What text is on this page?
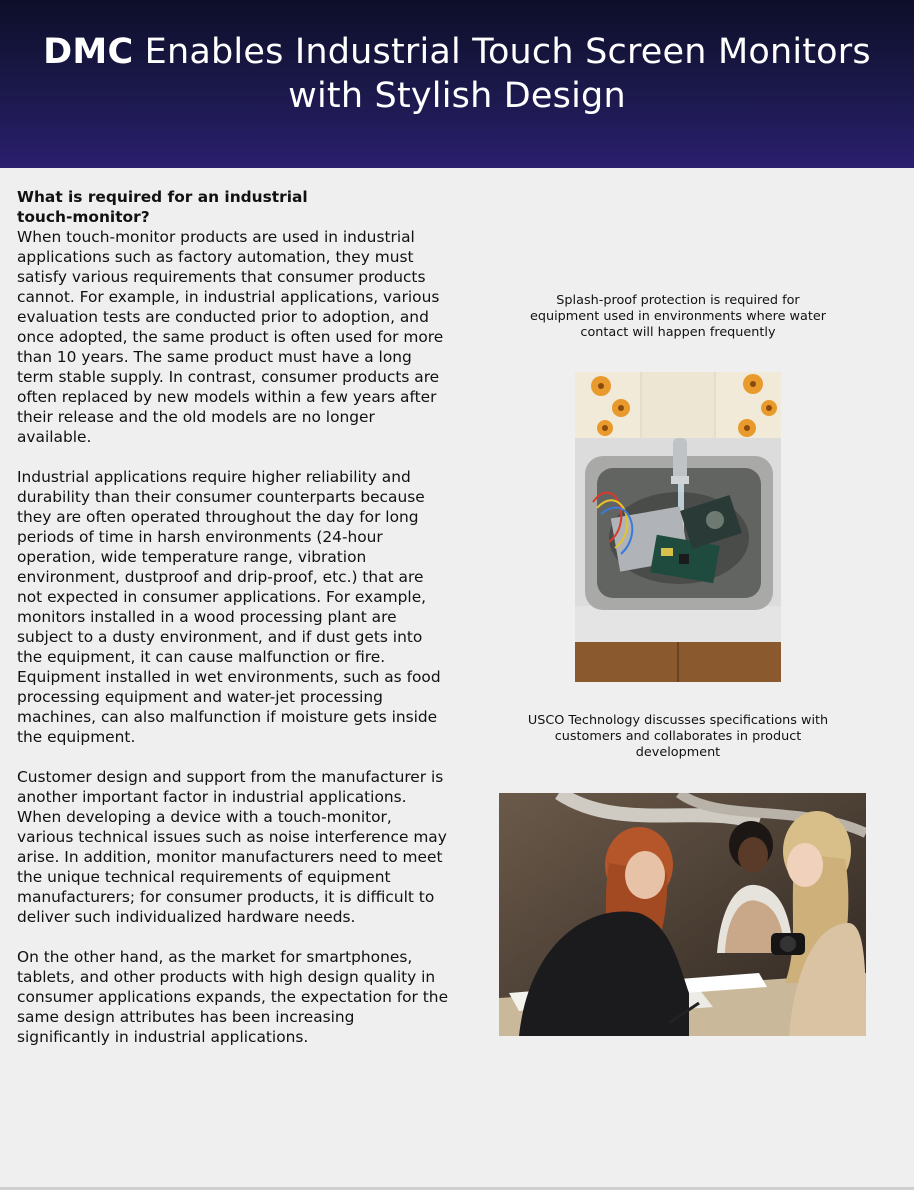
DMC Enables Industrial Touch Screen Monitors with Stylish Design
What is required for an industrial touch-monitor?

When touch-monitor products are used in industrial applications such as factory automation, they must satisfy various requirements that consumer products cannot. For example, in industrial applications, various evaluation tests are conducted prior to adoption, and once adopted, the same product is often used for more than 10 years. The same product must have a long term stable supply. In contrast, consumer products are often replaced by new models within a few years after their release and the old models are no longer available.

Industrial applications require higher reliability and durability than their consumer counterparts because they are often operated throughout the day for long periods of time in harsh environments (24-hour operation, wide temperature range, vibration environment, dustproof and drip-proof, etc.) that are not expected in consumer applications. For example, monitors installed in a wood processing plant are subject to a dusty environment, and if dust gets into the equipment, it can cause malfunction or fire. Equipment installed in wet environments, such as food processing equipment and water-jet processing machines, can also malfunction if moisture gets inside the equipment.

Customer design and support from the manufacturer is another important factor in industrial applications. When developing a device with a touch-monitor, various technical issues such as noise interference may arise. In addition, monitor manufacturers need to meet the unique technical requirements of equipment manufacturers; for consumer products, it is difficult to deliver such individualized hardware needs.

On the other hand, as the market for smartphones, tablets, and other products with high design quality in consumer applications expands, the expectation for the same design attributes has been increasing significantly in industrial applications.

Splash-proof protection is required for equipment used in environments where water contact will happen frequently
USCO Technology discusses specifications with customers and collaborates in product development
